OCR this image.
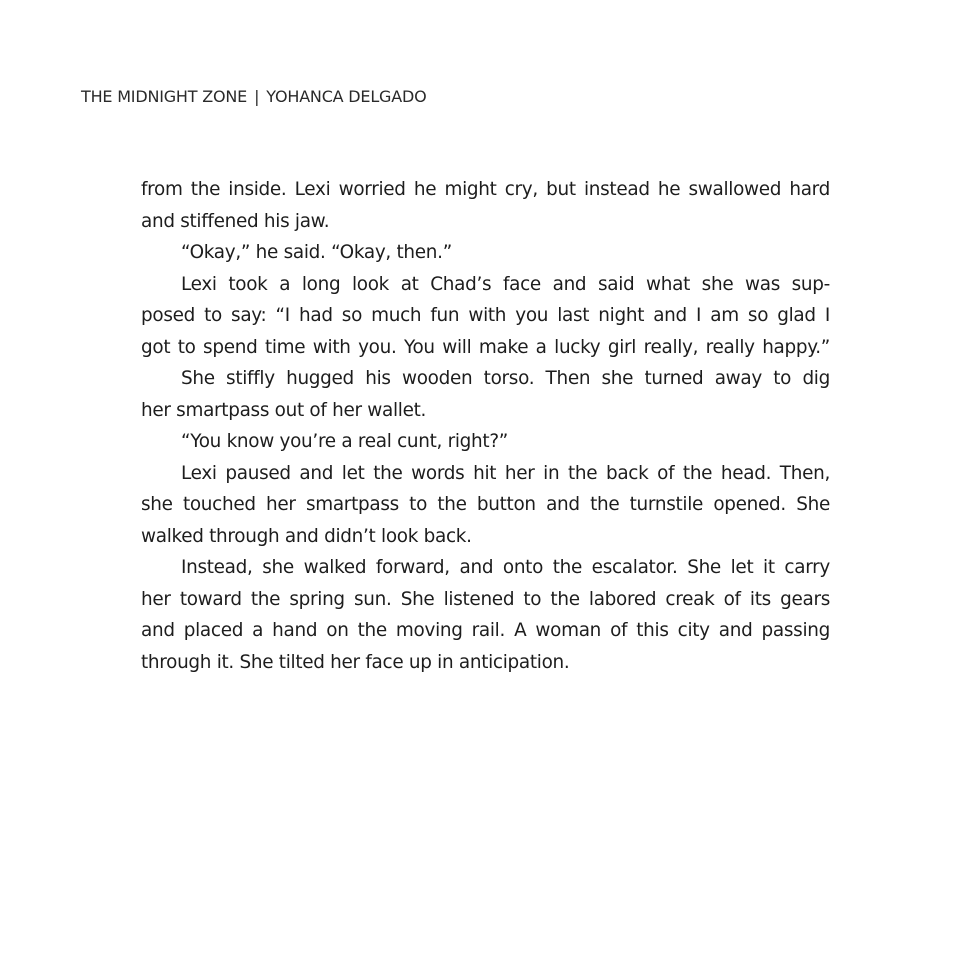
THE MIDNIGHT ZONE | YOHANCA DELGADO

from the inside. Lexi worried he might cry, but instead he swallowed hard

and stiffened his jaw.

“Okay,” he said. “Okay, then.”

Lexi took a long look at Chad’s face and said what she was sup-

posed to say: “I had so much fun with you last night and I am so glad I

got to spend time with you. You will make a lucky girl really, really happy.”

She stiffly hugged his wooden torso. Then she turned away to dig

her smartpass out of her wallet.

“You know you’re a real cunt, right?”

Lexi paused and let the words hit her in the back of the head. Then,

she touched her smartpass to the button and the turnstile opened. She

walked through and didn’t look back.

Instead, she walked forward, and onto the escalator. She let it carry

her toward the spring sun. She listened to the labored creak of its gears

and placed a hand on the moving rail. A woman of this city and passing

through it. She tilted her face up in anticipation.
